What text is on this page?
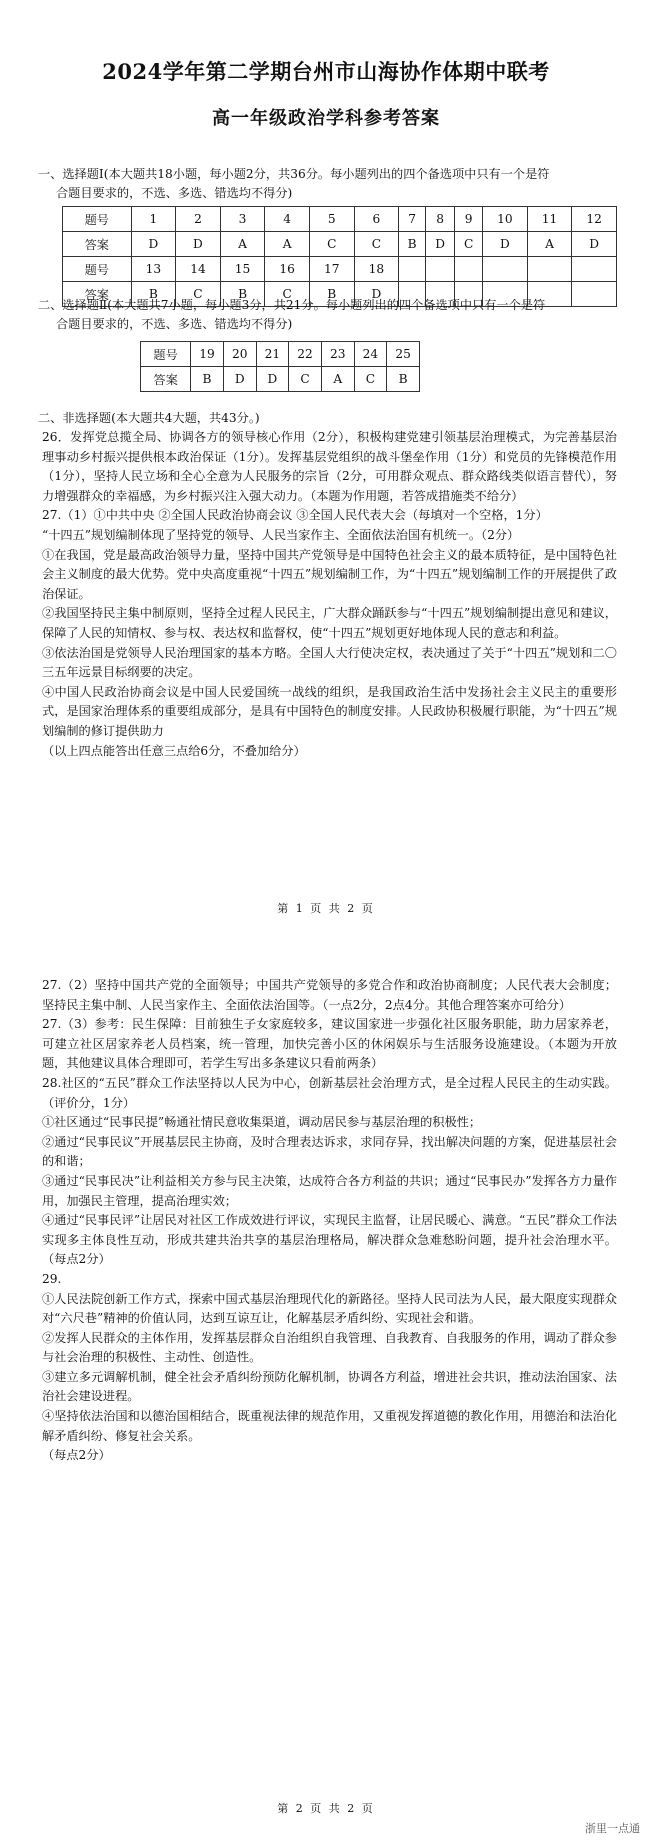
2024学年第二学期台州市山海协作体期中联考
高一年级政治学科参考答案
一、选择题Ⅰ(本大题共18小题，每小题2分，共36分。每小题列出的四个备选项中只有一个是符
合题目要求的，不选、多选、错选均不得分)
题号	1	2	3	4	5	6	7	8	9	10	11	12
答案	D	D	A	A	C	C	B	D	C	D	A	D
题号	13	14	15	16	17	18						
答案	B	C	B	C	B	D						
二、选择题Ⅱ(本大题共7小题，每小题3分，共21分。每小题列出的四个备选项中只有一个是符
合题目要求的，不选、多选、错选均不得分)
题号	19	20	21	22	23	24	25
答案	B	D	D	C	A	C	B
二、非选择题(本大题共4大题，共43分。)

26．发挥党总揽全局、协调各方的领导核心作用（2分），积极构建党建引领基层治理模式，为完善基层治理事动乡村振兴提供根本政治保证（1分）。发挥基层党组织的战斗堡垒作用（1分）和党员的先锋模范作用（1分），坚持人民立场和全心全意为人民服务的宗旨（2分，可用群众观点、群众路线类似语言替代），努力增强群众的幸福感，为乡村振兴注入强大动力。（本题为作用题，若答成措施类不给分）

27.（1）①中共中央 ②全国人民政治协商会议 ③全国人民代表大会（每填对一个空格，1分）

“十四五”规划编制体现了坚持党的领导、人民当家作主、全面依法治国有机统一。（2分）

①在我国，党是最高政治领导力量，坚持中国共产党领导是中国特色社会主义的最本质特征，是中国特色社会主义制度的最大优势。党中央高度重视“十四五”规划编制工作，为“十四五”规划编制工作的开展提供了政治保证。

②我国坚持民主集中制原则，坚持全过程人民民主，广大群众踊跃参与“十四五”规划编制提出意见和建议，保障了人民的知情权、参与权、表达权和监督权，使“十四五”规划更好地体现人民的意志和利益。

③依法治国是党领导人民治理国家的基本方略。全国人大行使决定权，表决通过了关于“十四五”规划和二〇三五年远景目标纲要的决定。

④中国人民政治协商会议是中国人民爱国统一战线的组织，是我国政治生活中发扬社会主义民主的重要形式，是国家治理体系的重要组成部分，是具有中国特色的制度安排。人民政协积极履行职能，为“十四五”规划编制的修订提供助力

（以上四点能答出任意三点给6分，不叠加给分）

第 1 页 共 2 页

27.（2）坚持中国共产党的全面领导；中国共产党领导的多党合作和政治协商制度；人民代表大会制度；坚持民主集中制、人民当家作主、全面依法治国等。（一点2分，2点4分。其他合理答案亦可给分）

27.（3）参考：民生保障：目前独生子女家庭较多，建议国家进一步强化社区服务职能，助力居家养老，可建立社区居家养老人员档案，统一管理，加快完善小区的休闲娱乐与生活服务设施建设。（本题为开放题，其他建议具体合理即可，若学生写出多条建议只看前两条）

28.社区的“五民”群众工作法坚持以人民为中心，创新基层社会治理方式，是全过程人民民主的生动实践。（评价分，1分）

①社区通过“民事民提”畅通社情民意收集渠道，调动居民参与基层治理的积极性；

②通过“民事民议”开展基层民主协商，及时合理表达诉求，求同存异，找出解决问题的方案，促进基层社会的和谐；

③通过“民事民决”让利益相关方参与民主决策，达成符合各方利益的共识；通过“民事民办”发挥各方力量作用，加强民主管理，提高治理实效；

④通过“民事民评”让居民对社区工作成效进行评议，实现民主监督，让居民暖心、满意。“五民”群众工作法实现多主体良性互动，形成共建共治共享的基层治理格局，解决群众急难愁盼问题，提升社会治理水平。（每点2分）

29.

①人民法院创新工作方式，探索中国式基层治理现代化的新路径。坚持人民司法为人民，最大限度实现群众对“六尺巷”精神的价值认同，达到互谅互让，化解基层矛盾纠纷、实现社会和谐。

②发挥人民群众的主体作用，发挥基层群众自治组织自我管理、自我教育、自我服务的作用，调动了群众参与社会治理的积极性、主动性、创造性。

③建立多元调解机制，健全社会矛盾纠纷预防化解机制，协调各方利益，增进社会共识，推动法治国家、法治社会建设进程。

④坚持依法治国和以德治国相结合，既重视法律的规范作用，又重视发挥道德的教化作用，用德治和法治化解矛盾纠纷、修复社会关系。

（每点2分）

第 2 页 共 2 页
浙里一点通
